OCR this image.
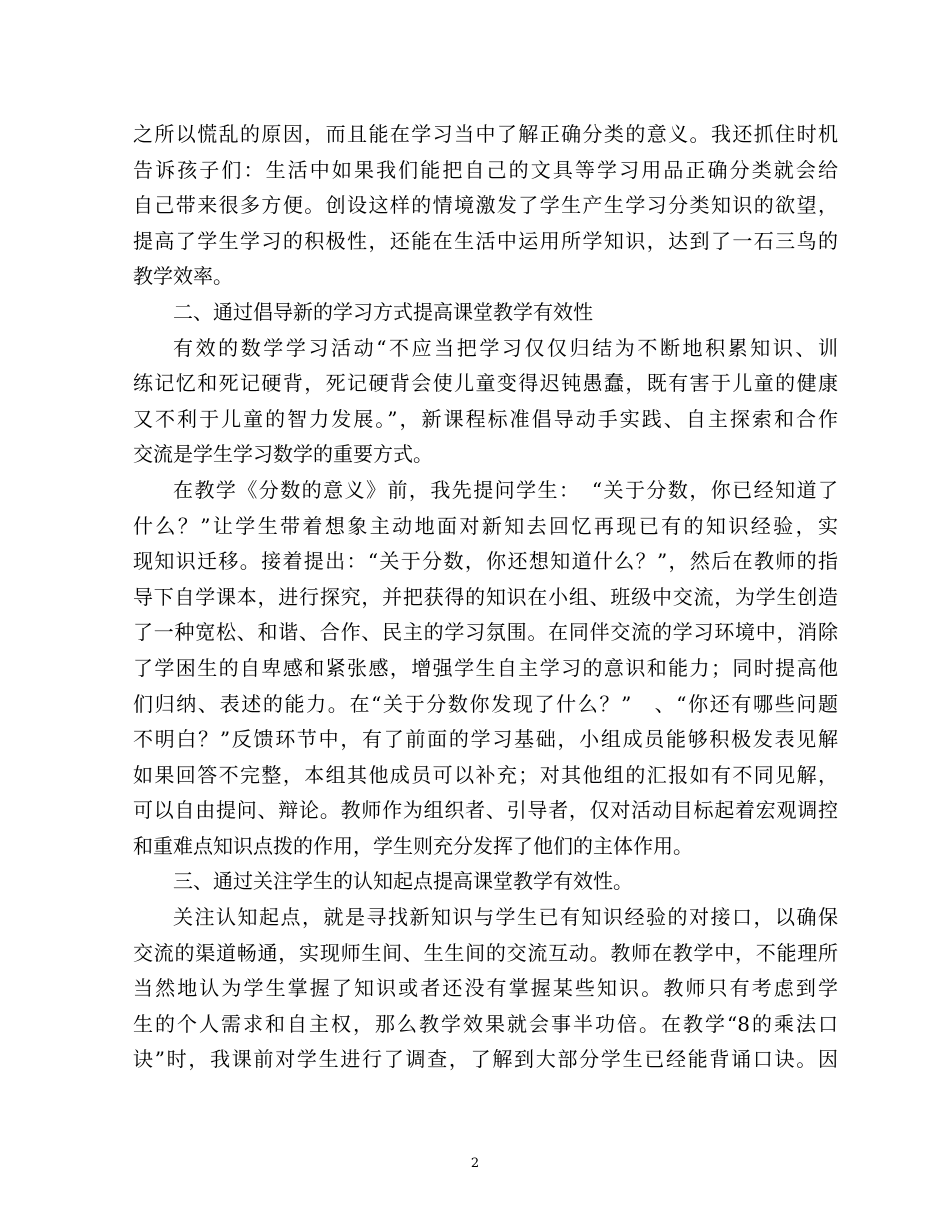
之所以慌乱的原因，而且能在学习当中了解正确分类的意义。我还抓住时机
告诉孩子们：生活中如果我们能把自己的文具等学习用品正确分类就会给
自己带来很多方便。创设这样的情境激发了学生产生学习分类知识的欲望，
提高了学生学习的积极性，还能在生活中运用所学知识，达到了一石三鸟的
教学效率。
二、通过倡导新的学习方式提高课堂教学有效性
有效的数学学习活动“不应当把学习仅仅归结为不断地积累知识、训
练记忆和死记硬背，死记硬背会使儿童变得迟钝愚蠢，既有害于儿童的健康
又不利于儿童的智力发展。”，新课程标准倡导动手实践、自主探索和合作
交流是学生学习数学的重要方式。
在教学《分数的意义》前，我先提问学生：　“关于分数，你已经知道了
什么？”让学生带着想象主动地面对新知去回忆再现已有的知识经验，实
现知识迁移。接着提出：“关于分数，你还想知道什么？”，然后在教师的指
导下自学课本，进行探究，并把获得的知识在小组、班级中交流，为学生创造
了一种宽松、和谐、合作、民主的学习氛围。在同伴交流的学习环境中，消除
了学困生的自卑感和紧张感，增强学生自主学习的意识和能力；同时提高他
们归纳、表述的能力。在“关于分数你发现了什么？”　、“你还有哪些问题
不明白？”反馈环节中，有了前面的学习基础，小组成员能够积极发表见解
如果回答不完整，本组其他成员可以补充；对其他组的汇报如有不同见解，
可以自由提问、辩论。教师作为组织者、引导者，仅对活动目标起着宏观调控
和重难点知识点拨的作用，学生则充分发挥了他们的主体作用。
三、通过关注学生的认知起点提高课堂教学有效性。
关注认知起点，就是寻找新知识与学生已有知识经验的对接口，以确保
交流的渠道畅通，实现师生间、生生间的交流互动。教师在教学中，不能理所
当然地认为学生掌握了知识或者还没有掌握某些知识。教师只有考虑到学
生的个人需求和自主权，那么教学效果就会事半功倍。在教学“8的乘法口
诀”时，我课前对学生进行了调查，了解到大部分学生已经能背诵口诀。因
2
